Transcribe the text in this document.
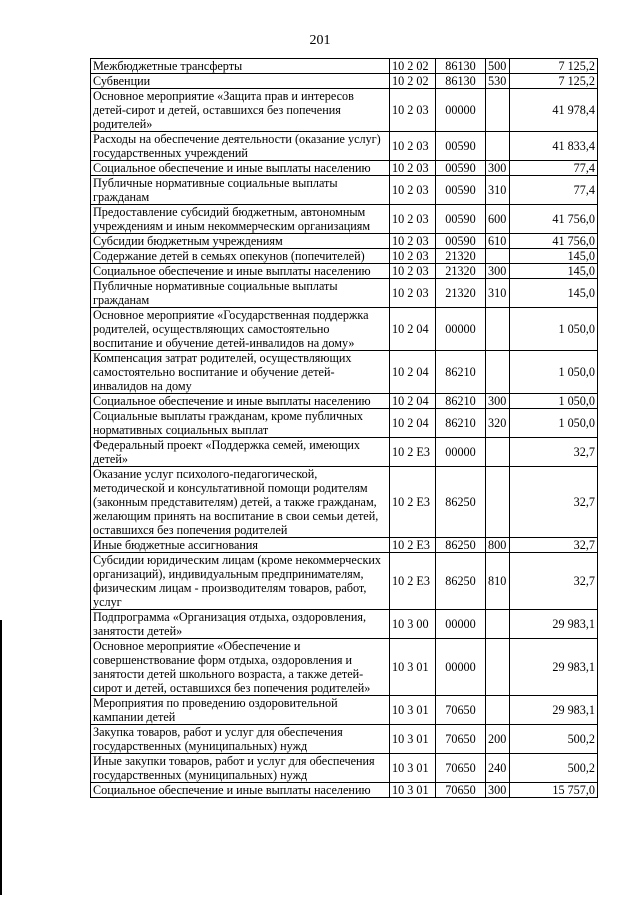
201
Межбюджетные трансферты	10 2 02	86130	500	7 125,2
Субвенции	10 2 02	86130	530	7 125,2
Основное мероприятие «Защита прав и интересов детей-сирот и детей, оставшихся без попечения родителей»	10 2 03	00000		41 978,4
Расходы на обеспечение деятельности (оказание услуг) государственных учреждений	10 2 03	00590		41 833,4
Социальное обеспечение и иные выплаты населению	10 2 03	00590	300	77,4
Публичные нормативные социальные выплаты гражданам	10 2 03	00590	310	77,4
Предоставление субсидий бюджетным, автономным учреждениям и иным некоммерческим организациям	10 2 03	00590	600	41 756,0
Субсидии бюджетным учреждениям	10 2 03	00590	610	41 756,0
Содержание детей в семьях опекунов (попечителей)	10 2 03	21320		145,0
Социальное обеспечение и иные выплаты населению	10 2 03	21320	300	145,0
Публичные нормативные социальные выплаты гражданам	10 2 03	21320	310	145,0
Основное мероприятие «Государственная поддержка родителей, осуществляющих самостоятельно воспитание и обучение детей-инвалидов на дому»	10 2 04	00000		1 050,0
Компенсация затрат родителей, осуществляющих самостоятельно воспитание и обучение детей-инвалидов на дому	10 2 04	86210		1 050,0
Социальное обеспечение и иные выплаты населению	10 2 04	86210	300	1 050,0
Социальные выплаты гражданам, кроме публичных нормативных социальных выплат	10 2 04	86210	320	1 050,0
Федеральный проект «Поддержка семей, имеющих детей»	10 2 E3	00000		32,7
Оказание услуг психолого-педагогической, методической и консультативной помощи родителям (законным представителям) детей, а также гражданам, желающим принять на воспитание в свои семьи детей, оставшихся без попечения родителей	10 2 E3	86250		32,7
Иные бюджетные ассигнования	10 2 E3	86250	800	32,7
Субсидии юридическим лицам (кроме некоммерческих организаций), индивидуальным предпринимателям, физическим лицам - производителям товаров, работ, услуг	10 2 E3	86250	810	32,7
Подпрограмма «Организация отдыха, оздоровления, занятости детей»	10 3 00	00000		29 983,1
Основное мероприятие «Обеспечение и совершенствование форм отдыха, оздоровления и занятости детей школьного возраста, а также детей-сирот и детей, оставшихся без попечения родителей»	10 3 01	00000		29 983,1
Мероприятия по проведению оздоровительной кампании детей	10 3 01	70650		29 983,1
Закупка товаров, работ и услуг для обеспечения государственных (муниципальных) нужд	10 3 01	70650	200	500,2
Иные закупки товаров, работ и услуг для обеспечения государственных (муниципальных) нужд	10 3 01	70650	240	500,2
Социальное обеспечение и иные выплаты населению	10 3 01	70650	300	15 757,0
